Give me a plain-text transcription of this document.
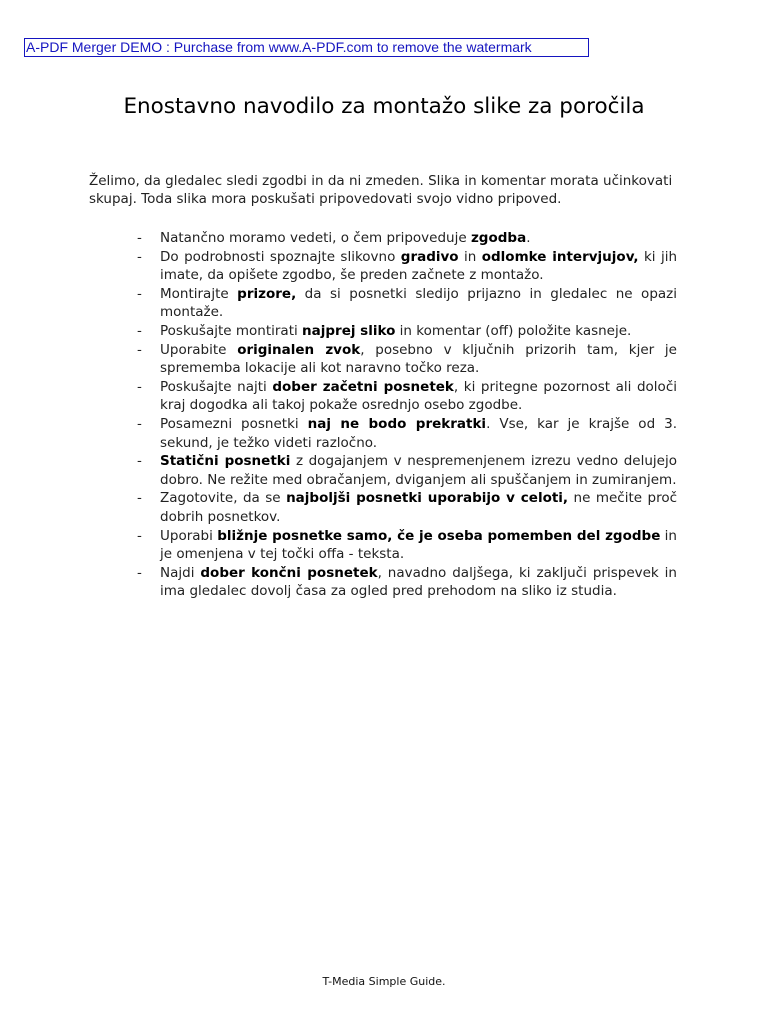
A-PDF Merger DEMO : Purchase from www.A-PDF.com to remove the watermark
Enostavno navodilo za montažo slike za poročila

Želimo, da gledalec sledi zgodbi in da ni zmeden. Slika in komentar morata učinkovati skupaj. Toda slika mora poskušati pripovedovati svojo vidno pripoved.

- Natančno moramo vedeti, o čem pripoveduje zgodba.
- Do podrobnosti spoznajte slikovno gradivo in odlomke intervjujov, ki jih imate, da opišete zgodbo, še preden začnete z montažo.
- Montirajte prizore, da si posnetki sledijo prijazno in gledalec ne opazi montaže.
- Poskušajte montirati najprej sliko in komentar (off) položite kasneje.
- Uporabite originalen zvok, posebno v ključnih prizorih tam, kjer je sprememba lokacije ali kot naravno točko reza.
- Poskušajte najti dober začetni posnetek, ki pritegne pozornost ali določi kraj dogodka ali takoj pokaže osrednjo osebo zgodbe.
- Posamezni posnetki naj ne bodo prekratki. Vse, kar je krajše od 3. sekund, je težko videti razločno.
- Statični posnetki z dogajanjem v nespremenjenem izrezu vedno delujejo dobro. Ne režite med obračanjem, dviganjem ali spuščanjem in zumiranjem.
- Zagotovite, da se najboljši posnetki uporabijo v celoti, ne mečite proč dobrih posnetkov.
- Uporabi bližnje posnetke samo, če je oseba pomemben del zgodbe in je omenjena v tej točki offa - teksta.
- Najdi dober končni posnetek, navadno daljšega, ki zaključi prispevek in ima gledalec dovolj časa za ogled pred prehodom na sliko iz studia.
T-Media Simple Guide.
